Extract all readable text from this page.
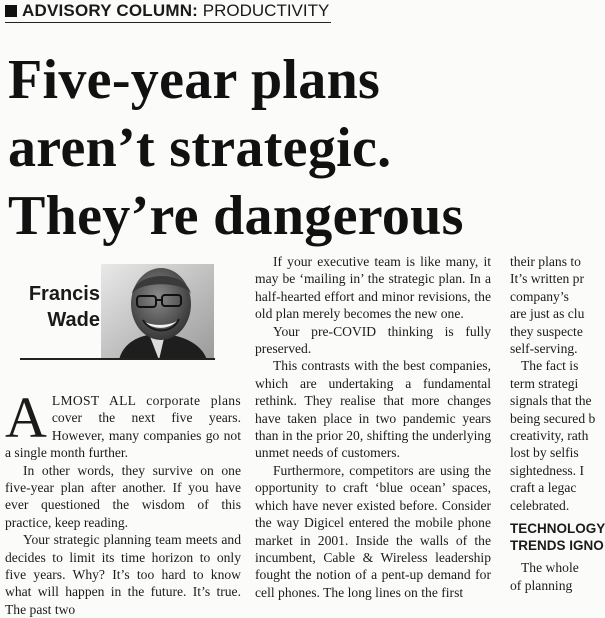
ADVISORY COLUMN: PRODUCTIVITY
Five-year plans
aren’t strategic.
They’re dangerous
Francis
Wade

ALMOST ALL corporate plans cover the next five years. However, many companies go not a single month further.

In other words, they survive on one five-year plan after another. If you have ever questioned the wisdom of this practice, keep reading.

Your strategic planning team meets and decides to limit its time horizon to only five years. Why? It’s too hard to know what will happen in the future. It’s true. The past two

If your executive team is like many, it may be ‘mailing in’ the strategic plan. In a half-hearted effort and minor revisions, the old plan merely becomes the new one.

Your pre-COVID thinking is fully preserved.

This contrasts with the best companies, which are undertaking a fundamental rethink. They realise that more changes have taken place in two pandemic years than in the prior 20, shifting the underlying unmet needs of customers.

Furthermore, competitors are using the opportunity to craft ‘blue ocean’ spaces, which have never existed before. Consider the way Digicel entered the mobile phone market in 2001. Inside the walls of the incumbent, Cable & Wireless leadership fought the notion of a pent-up demand for cell phones. The long lines on the first

their plans to

It’s written pr

company’s

are just as clu

they suspecte

self-serving.

The fact is

term strategi

signals that the

being secured b

creativity, rath

lost by selfis

sightedness. I

craft a legac

celebrated.

TECHNOLOGY
TRENDS IGNO

The whole

of planning
